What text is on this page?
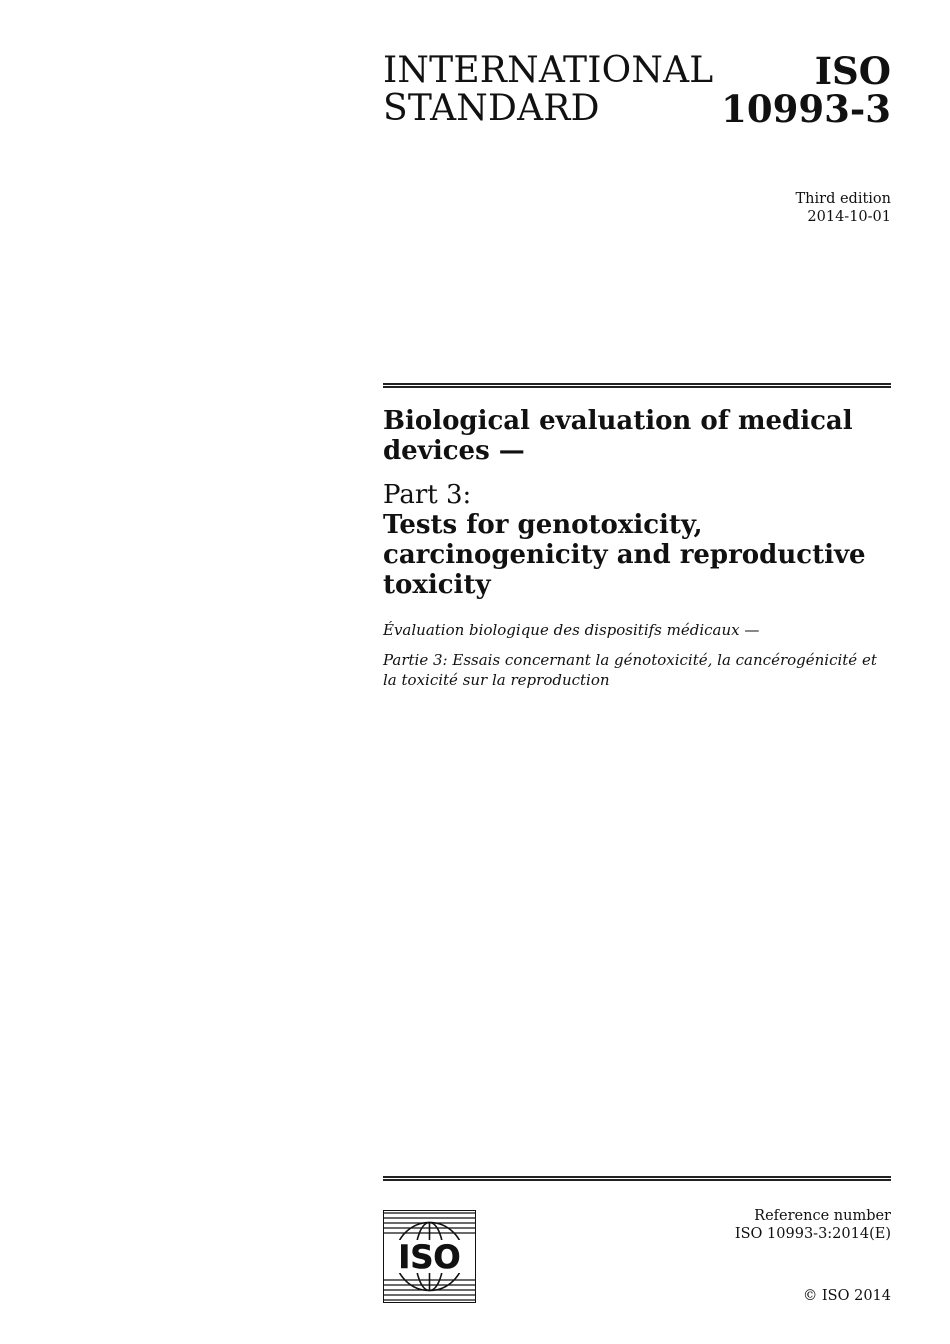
INTERNATIONAL
STANDARD
ISO
10993-3
Third edition
2014-10-01

Biological evaluation of medical devices —

Part 3:

Tests for genotoxicity, carcinogenicity and reproductive toxicity

Évaluation biologique des dispositifs médicaux —

Partie 3: Essais concernant la génotoxicité, la cancérogénicité et la toxicité sur la reproduction

ISO
Reference number
ISO 10993-3:2014(E)
© ISO 2014
